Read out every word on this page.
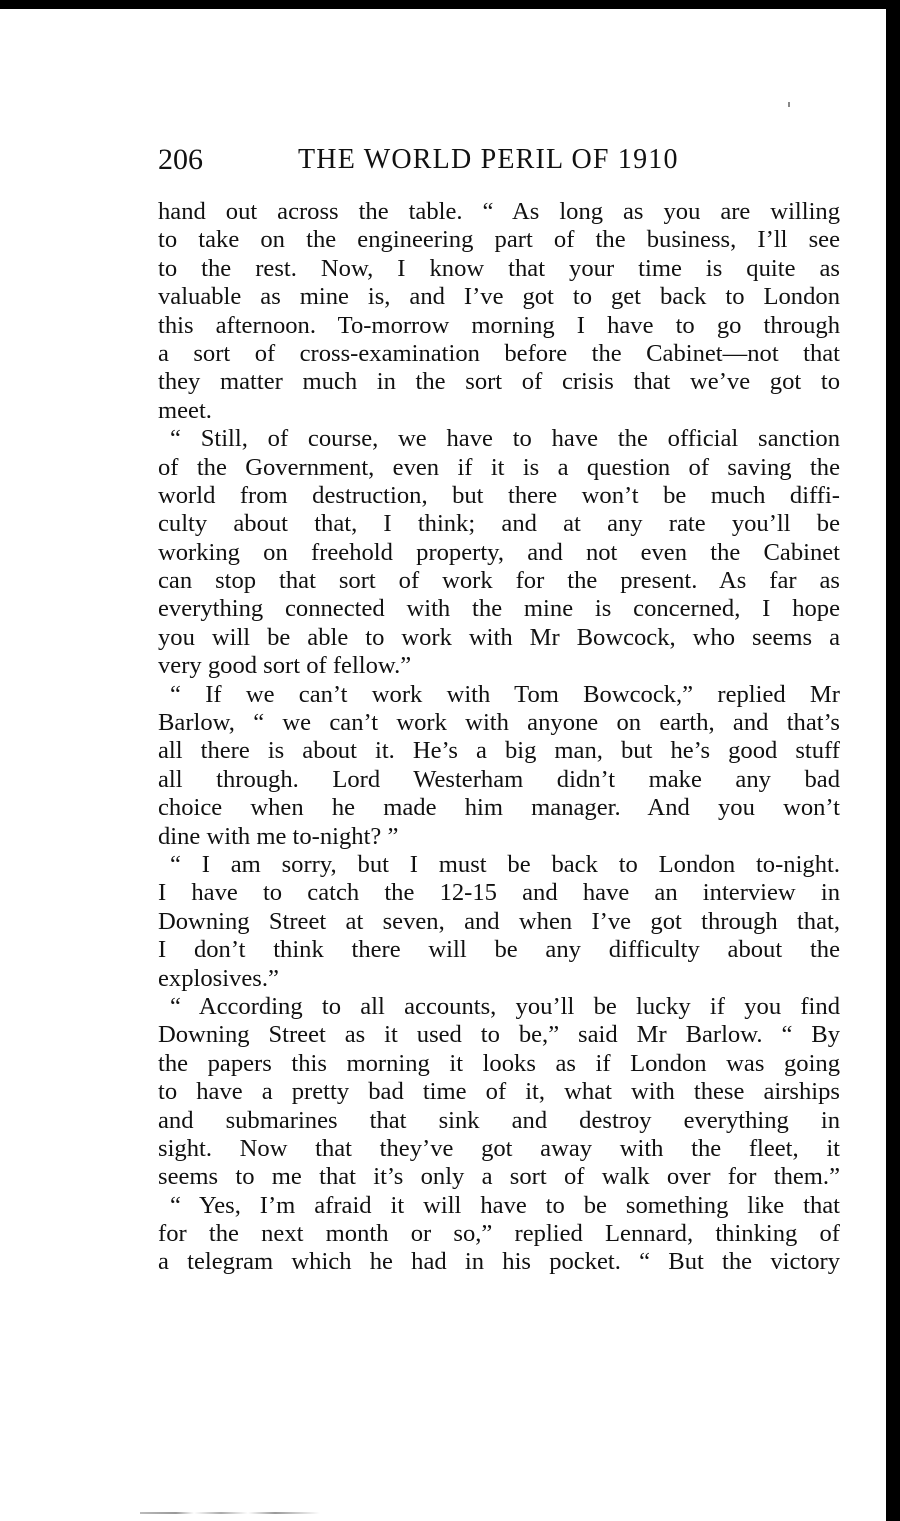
206	THE WORLD PERIL OF 1910
hand out across the table. “ As long as you are willing
to take on the engineering part of the business, I’ll see
to the rest. Now, I know that your time is quite as
valuable as mine is, and I’ve got to get back to London
this afternoon. To-morrow morning I have to go through
a sort of cross-examination before the Cabinet—not that
they matter much in the sort of crisis that we’ve got to
meet.
“ Still, of course, we have to have the official sanction
of the Government, even if it is a question of saving the
world from destruction, but there won’t be much diffi-
culty about that, I think; and at any rate you’ll be
working on freehold property, and not even the Cabinet
can stop that sort of work for the present. As far as
everything connected with the mine is concerned, I hope
you will be able to work with Mr Bowcock, who seems a
very good sort of fellow.”
“ If we can’t work with Tom Bowcock,” replied Mr
Barlow, “ we can’t work with anyone on earth, and that’s
all there is about it. He’s a big man, but he’s good stuff
all through. Lord Westerham didn’t make any bad
choice when he made him manager. And you won’t
dine with me to-night? ”
“ I am sorry, but I must be back to London to-night.
I have to catch the 12-15 and have an interview in
Downing Street at seven, and when I’ve got through that,
I don’t think there will be any difficulty about the
explosives.”
“ According to all accounts, you’ll be lucky if you find
Downing Street as it used to be,” said Mr Barlow. “ By
the papers this morning it looks as if London was going
to have a pretty bad time of it, what with these airships
and submarines that sink and destroy everything in
sight. Now that they’ve got away with the fleet, it
seems to me that it’s only a sort of walk over for them.”
“ Yes, I’m afraid it will have to be something like that
for the next month or so,” replied Lennard, thinking of
a telegram which he had in his pocket. “ But the victory
